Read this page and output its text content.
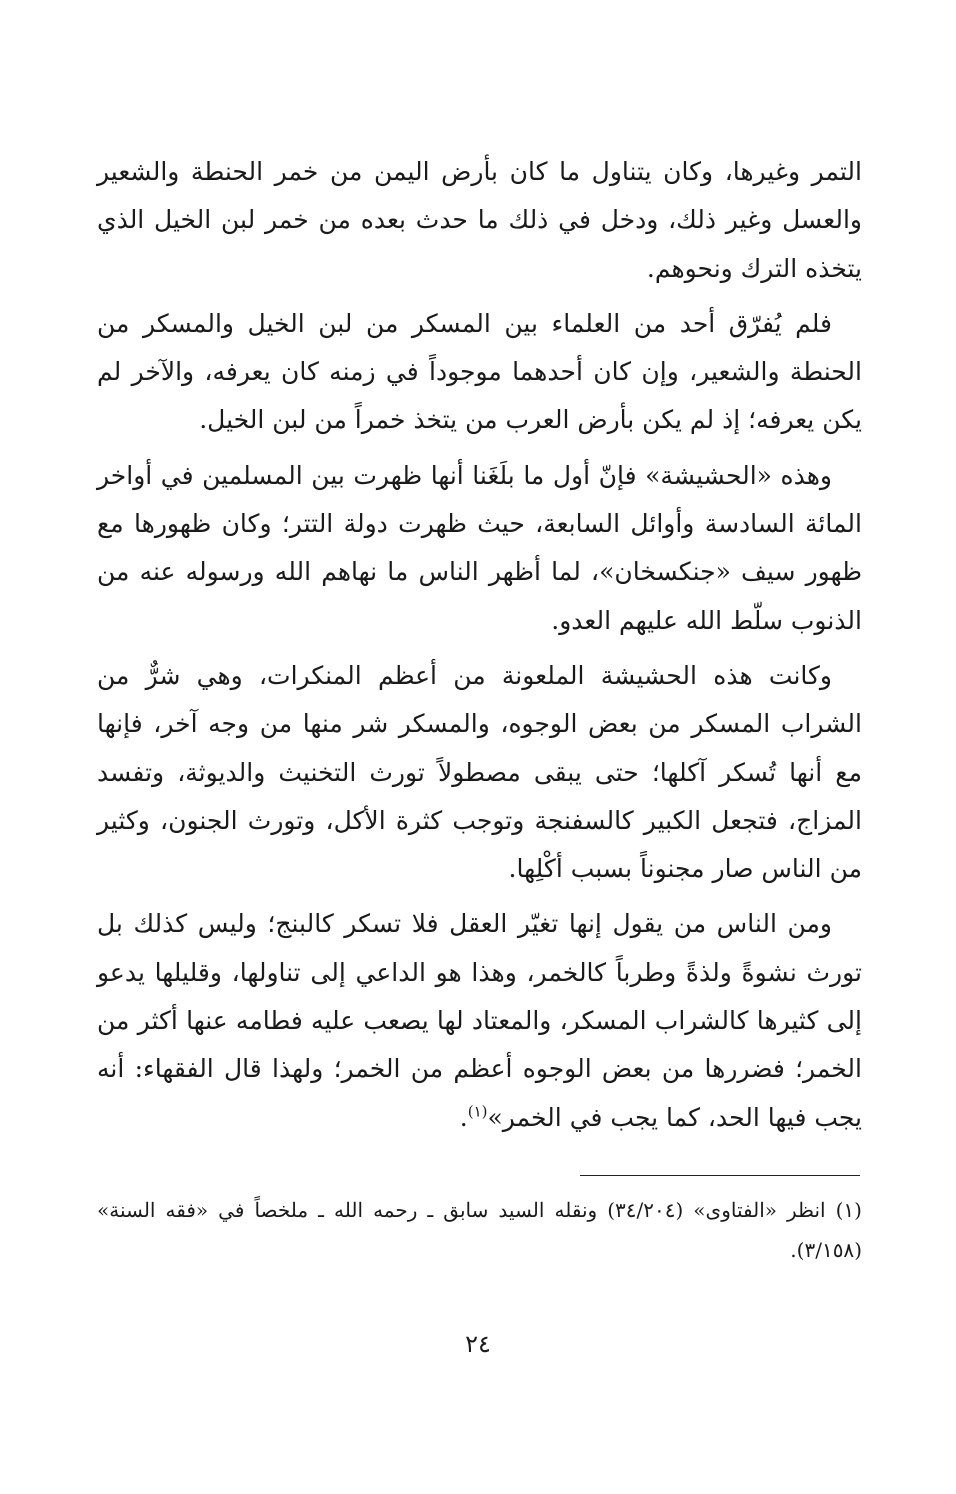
التمر وغيرها، وكان يتناول ما كان بأرض اليمن من خمر الحنطة والشعير والعسل وغير ذلك، ودخل في ذلك ما حدث بعده من خمر لبن الخيل الذي يتخذه الترك ونحوهم.

فلم يُفرّق أحد من العلماء بين المسكر من لبن الخيل والمسكر من الحنطة والشعير، وإن كان أحدهما موجوداً في زمنه كان يعرفه، والآخر لم يكن يعرفه؛ إذ لم يكن بأرض العرب من يتخذ خمراً من لبن الخيل.

وهذه «الحشيشة» فإنّ أول ما بلَغَنا أنها ظهرت بين المسلمين في أواخر المائة السادسة وأوائل السابعة، حيث ظهرت دولة التتر؛ وكان ظهورها مع ظهور سيف «جنكسخان»، لما أظهر الناس ما نهاهم الله ورسوله عنه من الذنوب سلّط الله عليهم العدو.

وكانت هذه الحشيشة الملعونة من أعظم المنكرات، وهي شرٌّ من الشراب المسكر من بعض الوجوه، والمسكر شر منها من وجه آخر، فإنها مع أنها تُسكر آكلها؛ حتى يبقى مصطولاً تورث التخنيث والديوثة، وتفسد المزاج، فتجعل الكبير كالسفنجة وتوجب كثرة الأكل، وتورث الجنون، وكثير من الناس صار مجنوناً بسبب أكْلِها.

ومن الناس من يقول إنها تغيّر العقل فلا تسكر كالبنج؛ وليس كذلك بل تورث نشوةً ولذةً وطرباً كالخمر، وهذا هو الداعي إلى تناولها، وقليلها يدعو إلى كثيرها كالشراب المسكر، والمعتاد لها يصعب عليه فطامه عنها أكثر من الخمر؛ فضررها من بعض الوجوه أعظم من الخمر؛ ولهذا قال الفقهاء: أنه يجب فيها الحد، كما يجب في الخمر»$^{(١)}$.

(١) انظر «الفتاوى» (٣٤/٢٠٤) ونقله السيد سابق ـ رحمه الله ـ ملخصاً في «فقه السنة» (٣/١٥٨).

٢٤
